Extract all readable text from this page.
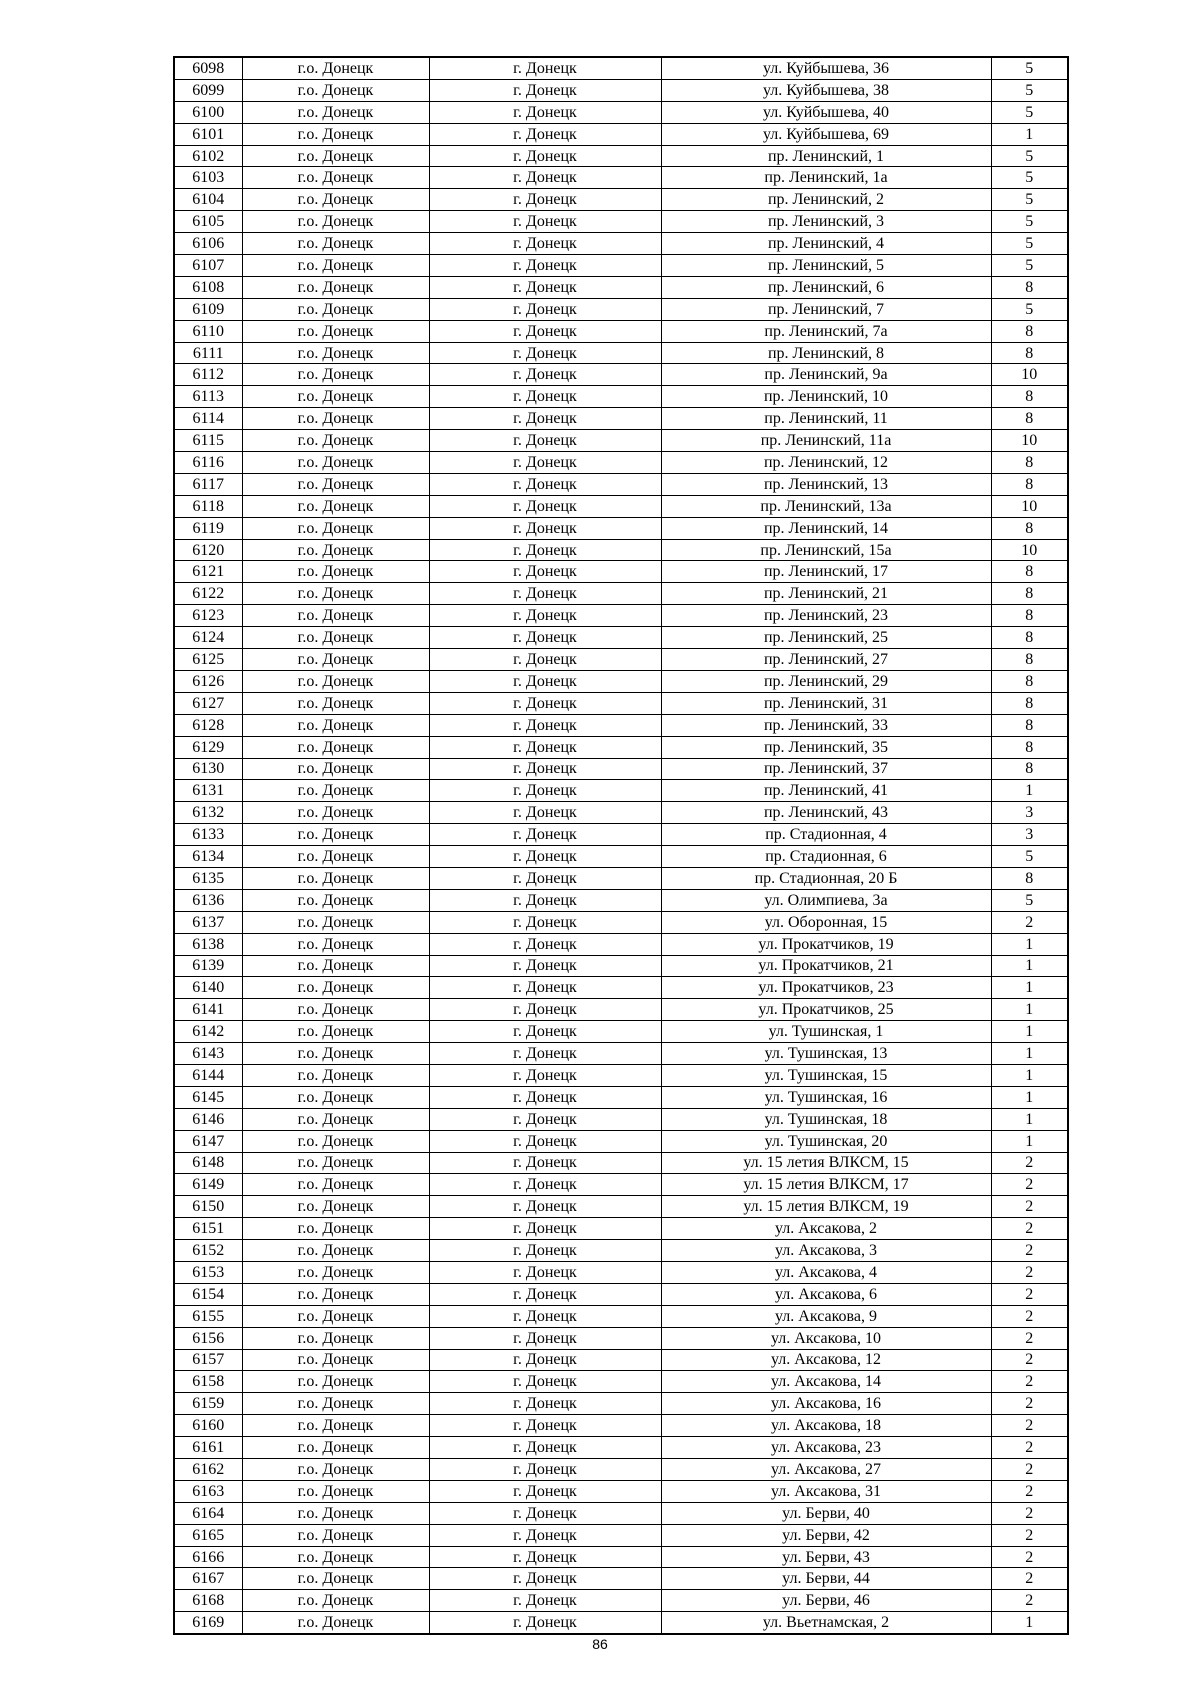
6098	г.о. Донецк	г. Донецк	ул. Куйбышева, 36	5
6099	г.о. Донецк	г. Донецк	ул. Куйбышева, 38	5
6100	г.о. Донецк	г. Донецк	ул. Куйбышева, 40	5
6101	г.о. Донецк	г. Донецк	ул. Куйбышева, 69	1
6102	г.о. Донецк	г. Донецк	пр. Ленинский, 1	5
6103	г.о. Донецк	г. Донецк	пр. Ленинский, 1а	5
6104	г.о. Донецк	г. Донецк	пр. Ленинский, 2	5
6105	г.о. Донецк	г. Донецк	пр. Ленинский, 3	5
6106	г.о. Донецк	г. Донецк	пр. Ленинский, 4	5
6107	г.о. Донецк	г. Донецк	пр. Ленинский, 5	5
6108	г.о. Донецк	г. Донецк	пр. Ленинский, 6	8
6109	г.о. Донецк	г. Донецк	пр. Ленинский, 7	5
6110	г.о. Донецк	г. Донецк	пр. Ленинский, 7а	8
6111	г.о. Донецк	г. Донецк	пр. Ленинский, 8	8
6112	г.о. Донецк	г. Донецк	пр. Ленинский, 9а	10
6113	г.о. Донецк	г. Донецк	пр. Ленинский, 10	8
6114	г.о. Донецк	г. Донецк	пр. Ленинский, 11	8
6115	г.о. Донецк	г. Донецк	пр. Ленинский, 11а	10
6116	г.о. Донецк	г. Донецк	пр. Ленинский, 12	8
6117	г.о. Донецк	г. Донецк	пр. Ленинский, 13	8
6118	г.о. Донецк	г. Донецк	пр. Ленинский, 13а	10
6119	г.о. Донецк	г. Донецк	пр. Ленинский, 14	8
6120	г.о. Донецк	г. Донецк	пр. Ленинский, 15а	10
6121	г.о. Донецк	г. Донецк	пр. Ленинский, 17	8
6122	г.о. Донецк	г. Донецк	пр. Ленинский, 21	8
6123	г.о. Донецк	г. Донецк	пр. Ленинский, 23	8
6124	г.о. Донецк	г. Донецк	пр. Ленинский, 25	8
6125	г.о. Донецк	г. Донецк	пр. Ленинский, 27	8
6126	г.о. Донецк	г. Донецк	пр. Ленинский, 29	8
6127	г.о. Донецк	г. Донецк	пр. Ленинский, 31	8
6128	г.о. Донецк	г. Донецк	пр. Ленинский, 33	8
6129	г.о. Донецк	г. Донецк	пр. Ленинский, 35	8
6130	г.о. Донецк	г. Донецк	пр. Ленинский, 37	8
6131	г.о. Донецк	г. Донецк	пр. Ленинский, 41	1
6132	г.о. Донецк	г. Донецк	пр. Ленинский, 43	3
6133	г.о. Донецк	г. Донецк	пр. Стадионная, 4	3
6134	г.о. Донецк	г. Донецк	пр. Стадионная, 6	5
6135	г.о. Донецк	г. Донецк	пр. Стадионная, 20 Б	8
6136	г.о. Донецк	г. Донецк	ул. Олимпиева, 3а	5
6137	г.о. Донецк	г. Донецк	ул. Оборонная, 15	2
6138	г.о. Донецк	г. Донецк	ул. Прокатчиков, 19	1
6139	г.о. Донецк	г. Донецк	ул. Прокатчиков, 21	1
6140	г.о. Донецк	г. Донецк	ул. Прокатчиков, 23	1
6141	г.о. Донецк	г. Донецк	ул. Прокатчиков, 25	1
6142	г.о. Донецк	г. Донецк	ул. Тушинская, 1	1
6143	г.о. Донецк	г. Донецк	ул. Тушинская, 13	1
6144	г.о. Донецк	г. Донецк	ул. Тушинская, 15	1
6145	г.о. Донецк	г. Донецк	ул. Тушинская, 16	1
6146	г.о. Донецк	г. Донецк	ул. Тушинская, 18	1
6147	г.о. Донецк	г. Донецк	ул. Тушинская, 20	1
6148	г.о. Донецк	г. Донецк	ул. 15 летия ВЛКСМ, 15	2
6149	г.о. Донецк	г. Донецк	ул. 15 летия ВЛКСМ, 17	2
6150	г.о. Донецк	г. Донецк	ул. 15 летия ВЛКСМ, 19	2
6151	г.о. Донецк	г. Донецк	ул. Аксакова, 2	2
6152	г.о. Донецк	г. Донецк	ул. Аксакова, 3	2
6153	г.о. Донецк	г. Донецк	ул. Аксакова, 4	2
6154	г.о. Донецк	г. Донецк	ул. Аксакова, 6	2
6155	г.о. Донецк	г. Донецк	ул. Аксакова, 9	2
6156	г.о. Донецк	г. Донецк	ул. Аксакова, 10	2
6157	г.о. Донецк	г. Донецк	ул. Аксакова, 12	2
6158	г.о. Донецк	г. Донецк	ул. Аксакова, 14	2
6159	г.о. Донецк	г. Донецк	ул. Аксакова, 16	2
6160	г.о. Донецк	г. Донецк	ул. Аксакова, 18	2
6161	г.о. Донецк	г. Донецк	ул. Аксакова, 23	2
6162	г.о. Донецк	г. Донецк	ул. Аксакова, 27	2
6163	г.о. Донецк	г. Донецк	ул. Аксакова, 31	2
6164	г.о. Донецк	г. Донецк	ул. Берви, 40	2
6165	г.о. Донецк	г. Донецк	ул. Берви, 42	2
6166	г.о. Донецк	г. Донецк	ул. Берви, 43	2
6167	г.о. Донецк	г. Донецк	ул. Берви, 44	2
6168	г.о. Донецк	г. Донецк	ул. Берви, 46	2
6169	г.о. Донецк	г. Донецк	ул. Вьетнамская, 2	1
86
